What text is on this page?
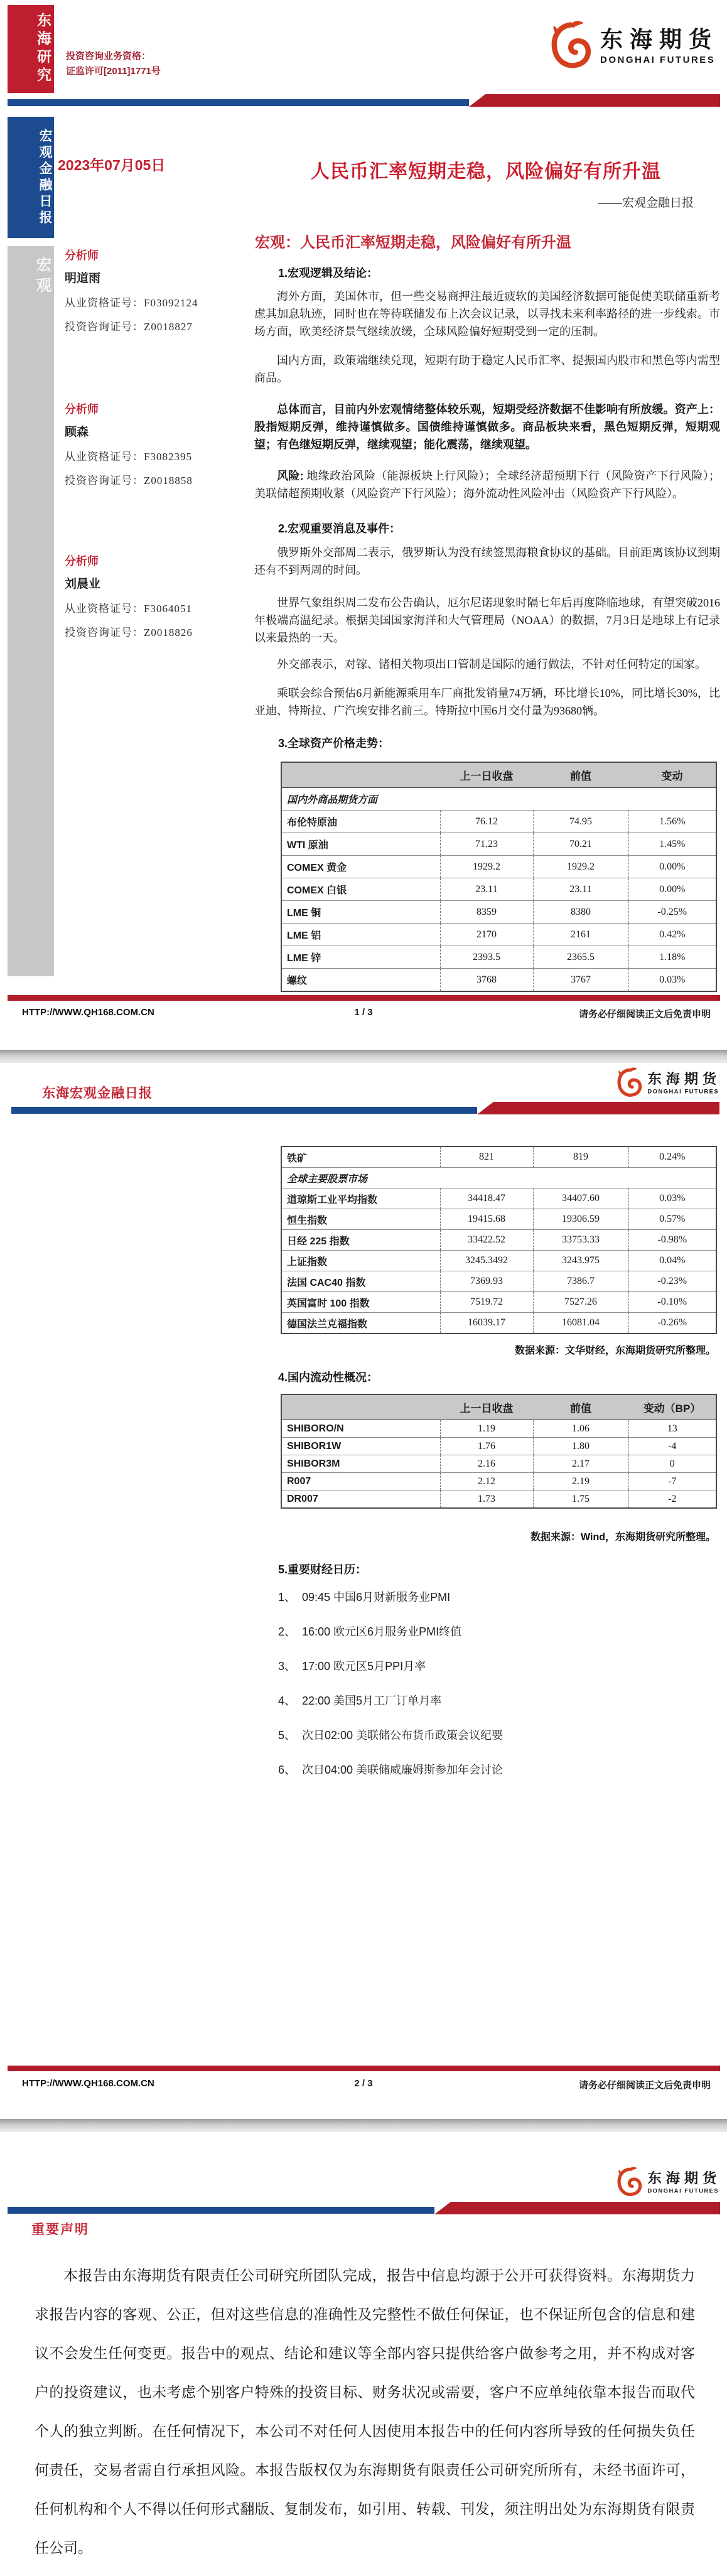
东海研究 投资咨询业务资格：
证监许可[2011]1771号
东海期货
DONGHAI FUTURES
宏观金融日报
宏观
2023年07月05日	人民币汇率短期走稳，风险偏好有所升温
——宏观金融日报
宏观：人民币汇率短期走稳，风险偏好有所升温
分析师
明道雨
从业资格证号：F03092124
投资咨询证号：Z0018827
分析师
顾森
从业资格证号：F3082395
投资咨询证号：Z0018858
分析师
刘晨业
从业资格证号：F3064051
投资咨询证号：Z0018826
1.宏观逻辑及结论：

海外方面，美国休市，但一些交易商押注最近疲软的美国经济数据可能促使美联储重新考虑其加息轨迹，同时也在等待联储发布上次会议记录，以寻找未来利率路径的进一步线索。市场方面，欧美经济景气继续放缓，全球风险偏好短期受到一定的压制。

国内方面，政策端继续兑现，短期有助于稳定人民币汇率、提振国内股市和黑色等内需型商品。

总体而言，目前内外宏观情绪整体较乐观，短期受经济数据不佳影响有所放缓。资产上：股指短期反弹，维持谨慎做多。国债维持谨慎做多。商品板块来看，黑色短期反弹，短期观望；有色继短期反弹，继续观望；能化震荡，继续观望。

风险: 地缘政治风险（能源板块上行风险）；全球经济超预期下行（风险资产下行风险）；美联储超预期收紧（风险资产下行风险）；海外流动性风险冲击（风险资产下行风险）。

2.宏观重要消息及事件：

俄罗斯外交部周二表示，俄罗斯认为没有续签黑海粮食协议的基础。目前距离该协议到期还有不到两周的时间。

世界气象组织周二发布公告确认，厄尔尼诺现象时隔七年后再度降临地球，有望突破2016年极端高温纪录。根据美国国家海洋和大气管理局（NOAA）的数据，7月3日是地球上有记录以来最热的一天。

外交部表示，对镓、锗相关物项出口管制是国际的通行做法，不针对任何特定的国家。

乘联会综合预估6月新能源乘用车厂商批发销量74万辆，环比增长10%，同比增长30%，比亚迪、特斯拉、广汽埃安排名前三。特斯拉中国6月交付量为93680辆。

3.全球资产价格走势：
	上一日收盘	前值	变动
国内外商品期货方面			
布伦特原油	76.12	74.95	1.56%
WTI 原油	71.23	70.21	1.45%
COMEX 黄金	1929.2	1929.2	0.00%
COMEX 白银	23.11	23.11	0.00%
LME 铜	8359	8380	-0.25%
LME 铝	2170	2161	0.42%
LME 锌	2393.5	2365.5	1.18%
螺纹	3768	3767	0.03%
HTTP://WWW.QH168.COM.CN	1 / 3	请务必仔细阅读正文后免责申明
东海宏观金融日报
东海期货
DONGHAI FUTURES
铁矿	821	819	0.24%
全球主要股票市场			
道琼斯工业平均指数	34418.47	34407.60	0.03%
恒生指数	19415.68	19306.59	0.57%
日经 225 指数	33422.52	33753.33	-0.98%
上证指数	3245.3492	3243.975	0.04%
法国 CAC40 指数	7369.93	7386.7	-0.23%
英国富时 100 指数	7519.72	7527.26	-0.10%
德国法兰克福指数	16039.17	16081.04	-0.26%
数据来源：文华财经，东海期货研究所整理。
4.国内流动性概况：
	上一日收盘	前值	变动（BP）
SHIBORO/N	1.19	1.06	13
SHIBOR1W	1.76	1.80	-4
SHIBOR3M	2.16	2.17	0
R007	2.12	2.19	-7
DR007	1.73	1.75	-2
数据来源：Wind，东海期货研究所整理。
5.重要财经日历：
1、  09:45 中国6月财新服务业PMI
2、  16:00 欧元区6月服务业PMI终值
3、  17:00 欧元区5月PPI月率
4、  22:00 美国5月工厂订单月率
5、  次日02:00 美联储公布货币政策会议纪要
6、  次日04:00 美联储威廉姆斯参加年会讨论
HTTP://WWW.QH168.COM.CN	2 / 3	请务必仔细阅读正文后免责申明
东海期货
DONGHAI FUTURES
重要声明

本报告由东海期货有限责任公司研究所团队完成，报告中信息均源于公开可获得资料。东海期货力求报告内容的客观、公正，但对这些信息的准确性及完整性不做任何保证，也不保证所包含的信息和建议不会发生任何变更。报告中的观点、结论和建议等全部内容只提供给客户做参考之用，并不构成对客户的投资建议，也未考虑个别客户特殊的投资目标、财务状况或需要，客户不应单纯依靠本报告而取代个人的独立判断。在任何情况下，本公司不对任何人因使用本报告中的任何内容所导致的任何损失负任何责任，交易者需自行承担风险。本报告版权仅为东海期货有限责任公司研究所所有，未经书面许可，任何机构和个人不得以任何形式翻版、复制发布，如引用、转载、刊发，须注明出处为东海期货有限责任公司。
